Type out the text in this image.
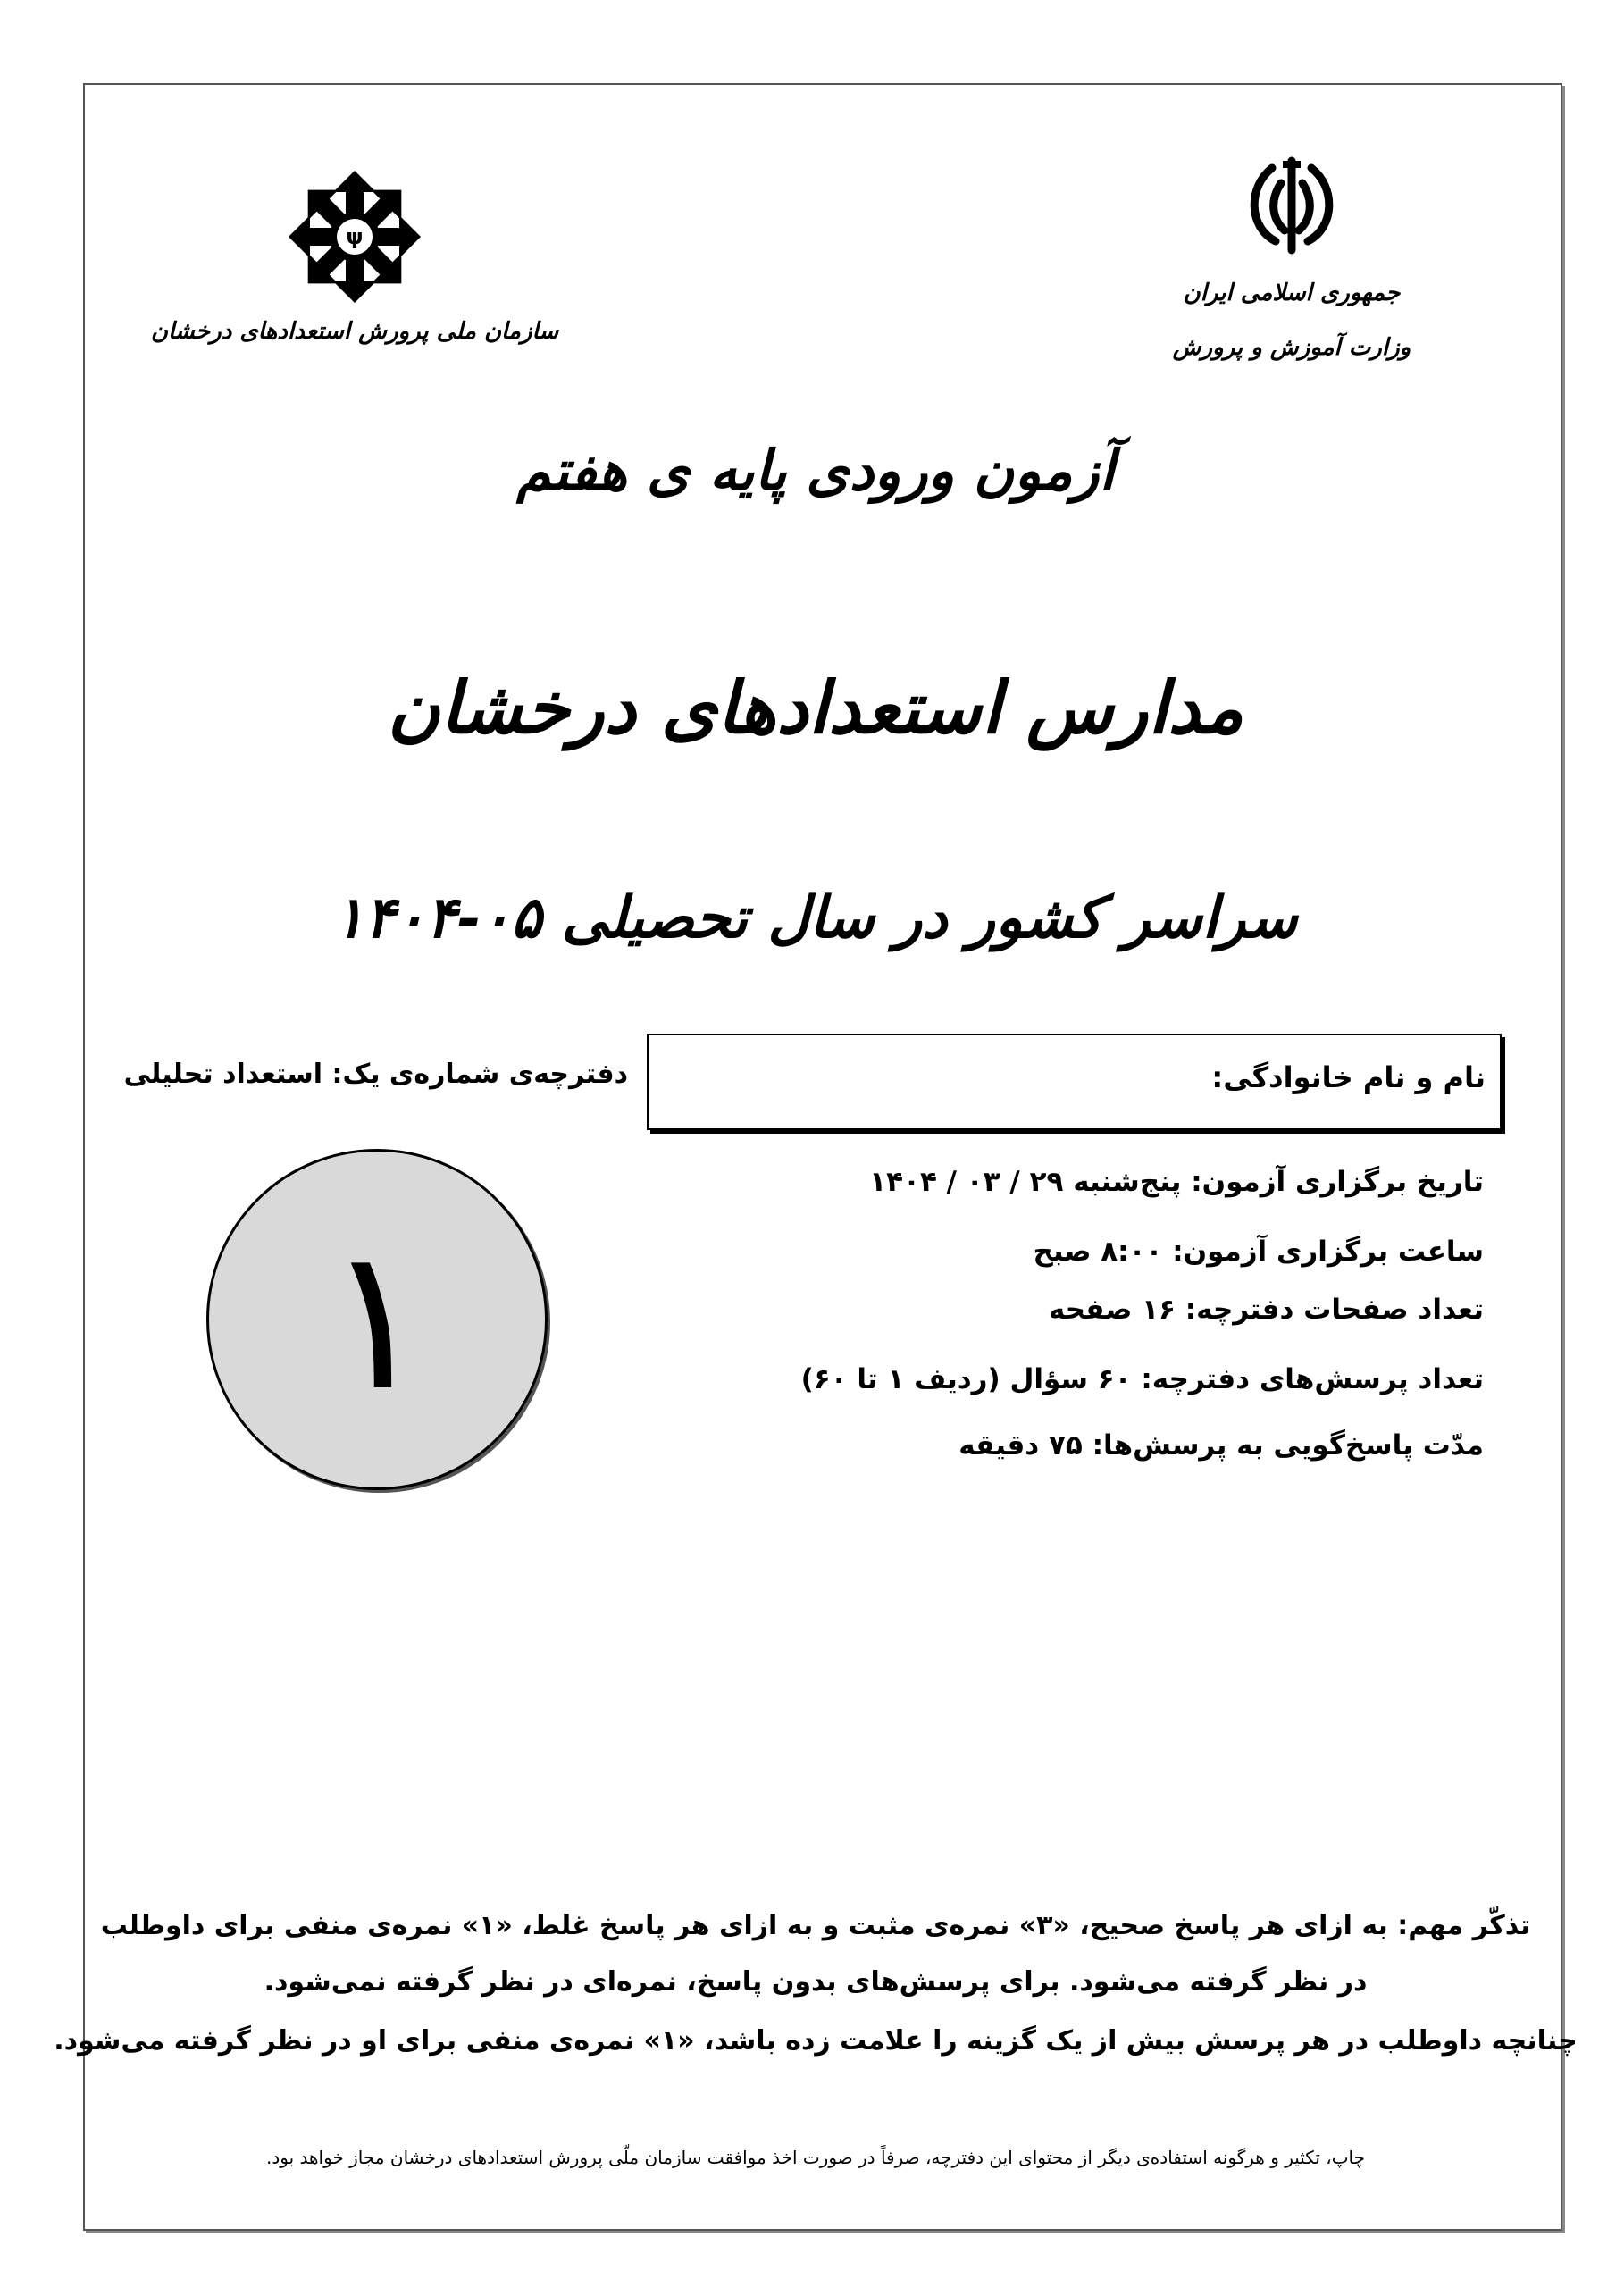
ψ
سازمان ملی پرورش استعدادهای درخشان
جمهوری اسلامی ایران
وزارت آموزش و پرورش
آزمون ورودی پایه ی هفتم
مدارس استعدادهای درخشان
سراسر کشور در سال تحصیلی ۰۵-۱۴۰۴
نام و نام خانوادگی:
دفترچه‌ی شماره‌ی یک: استعداد تحلیلی
۱
تاریخ برگزاری آزمون: پنج‌شنبه ۲۹ / ۰۳ / ۱۴۰۴
ساعت برگزاری آزمون: ۸:۰۰ صبح
تعداد صفحات دفترچه: ۱۶ صفحه
تعداد پرسش‌های دفترچه: ۶۰ سؤال (ردیف ۱ تا ۶۰)
مدّت پاسخ‌گویی به پرسش‌ها: ۷۵ دقیقه
تذکّر مهم: به ازای هر پاسخ صحیح، «۳» نمره‌ی مثبت و به ازای هر پاسخ غلط، «۱» نمره‌ی منفی برای داوطلب
در نظر گرفته می‌شود. برای پرسش‌های بدون پاسخ، نمره‌ای در نظر گرفته نمی‌شود.
چنانچه داوطلب در هر پرسش بیش از یک گزینه را علامت زده باشد، «۱» نمره‌ی منفی برای او در نظر گرفته می‌شود.
چاپ، تکثیر و هرگونه استفاده‌ی دیگر از محتوای این دفترچه، صرفاً در صورت اخذ موافقت سازمان ملّی پرورش استعدادهای درخشان مجاز خواهد بود.
